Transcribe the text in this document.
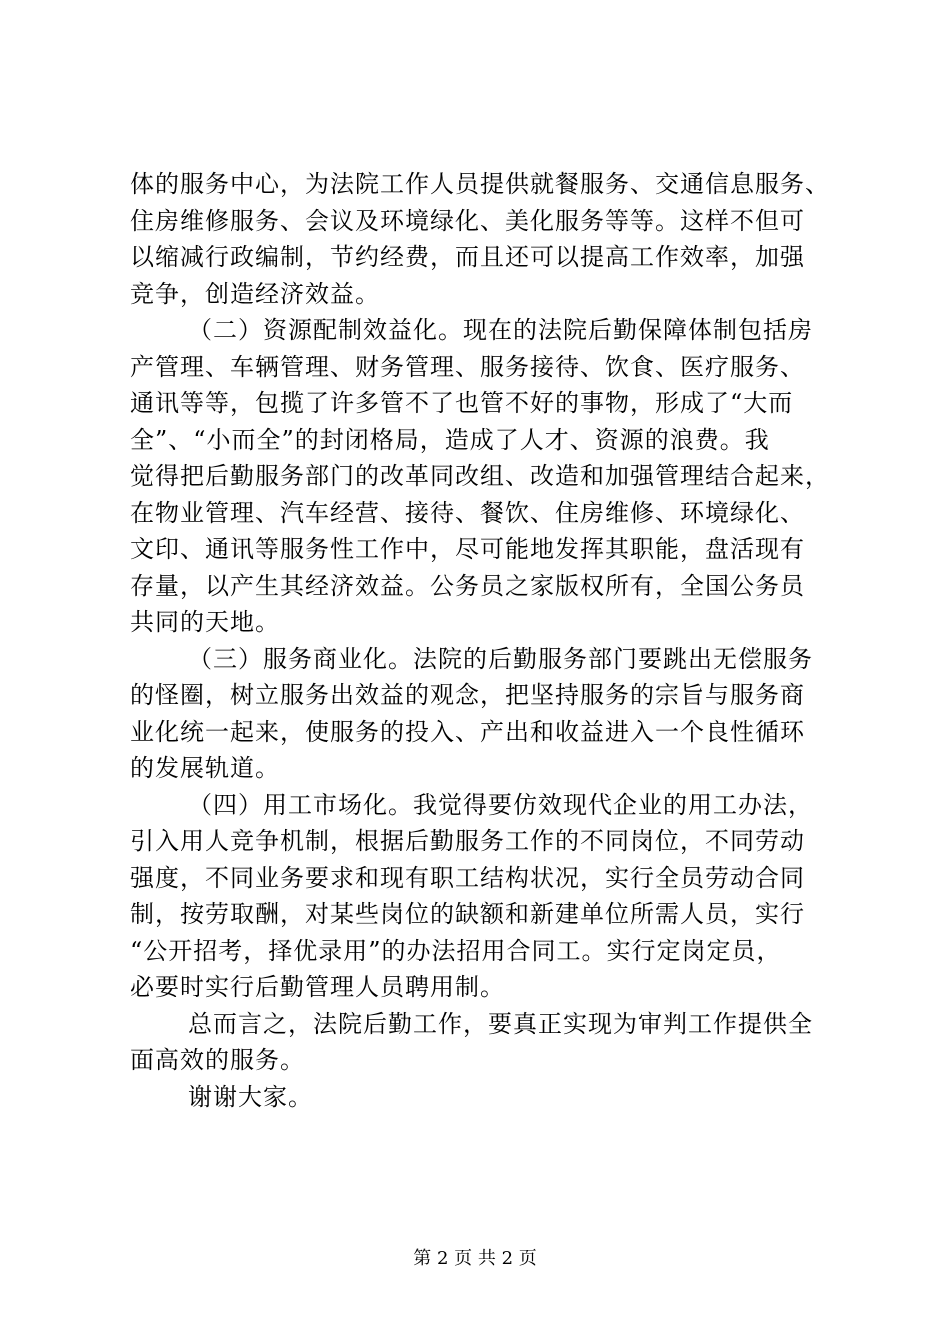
体的服务中心，为法院工作人员提供就餐服务、交通信息服务、
住房维修服务、会议及环境绿化、美化服务等等。这样不但可
以缩减行政编制，节约经费，而且还可以提高工作效率，加强
竞争，创造经济效益。
（二）资源配制效益化。现在的法院后勤保障体制包括房
产管理、车辆管理、财务管理、服务接待、饮食、医疗服务、
通讯等等，包揽了许多管不了也管不好的事物，形成了“大而
全”、“小而全”的封闭格局，造成了人才、资源的浪费。我
觉得把后勤服务部门的改革同改组、改造和加强管理结合起来，
在物业管理、汽车经营、接待、餐饮、住房维修、环境绿化、
文印、通讯等服务性工作中，尽可能地发挥其职能，盘活现有
存量，以产生其经济效益。公务员之家版权所有，全国公务员
共同的天地。
（三）服务商业化。法院的后勤服务部门要跳出无偿服务
的怪圈，树立服务出效益的观念，把坚持服务的宗旨与服务商
业化统一起来，使服务的投入、产出和收益进入一个良性循环
的发展轨道。
（四）用工市场化。我觉得要仿效现代企业的用工办法，
引入用人竞争机制，根据后勤服务工作的不同岗位，不同劳动
强度，不同业务要求和现有职工结构状况，实行全员劳动合同
制，按劳取酬，对某些岗位的缺额和新建单位所需人员，实行
“公开招考，择优录用”的办法招用合同工。实行定岗定员，
必要时实行后勤管理人员聘用制。
总而言之，法院后勤工作，要真正实现为审判工作提供全
面高效的服务。
谢谢大家。
第 2 页 共 2 页
